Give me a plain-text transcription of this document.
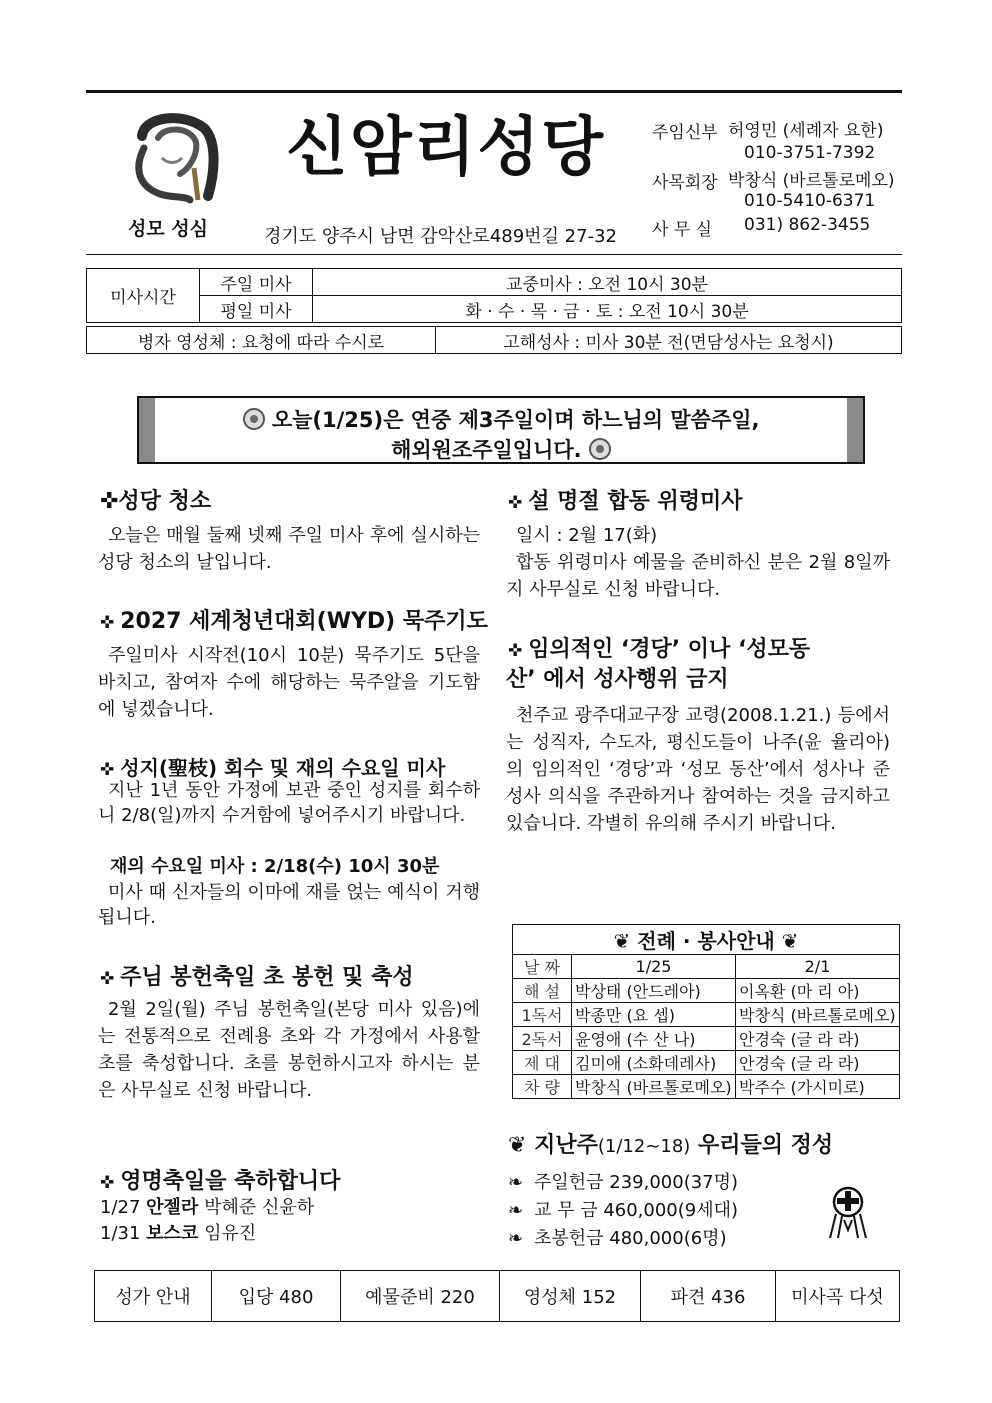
성모 성심
신암리성당
경기도 양주시 남면 감악산로489번길 27-32
주임신부 허영민 (세례자 요한)
010-3751-7392
사목회장 박창식 (바르톨로메오)
010-5410-6371
사 무 실 031) 862-3455
미사시간	주일 미사	교중미사 : 오전 10시 30분
	평일 미사	화 · 수 · 목 · 금 · 토 : 오전 10시 30분
병자 영성체 : 요청에 따라 수시로	고해성사 : 미사 30분 전(면담성사는 요청시)
오늘(1/25)은 연중 제3주일이며 하느님의 말씀주일,
해외원조주일입니다.
✜성당 청소
오늘은 매월 둘째 넷째 주일 미사 후에 실시하는 성당 청소의 날입니다.
✜ 2027 세계청년대회(WYD) 묵주기도
주일미사 시작전(10시 10분) 묵주기도 5단을 바치고, 참여자 수에 해당하는 묵주알을 기도함에 넣겠습니다.
✜ 성지(聖枝) 회수 및 재의 수요일 미사
지난 1년 동안 가정에 보관 중인 성지를 회수하니 2/8(일)까지 수거함에 넣어주시기 바랍니다.
재의 수요일 미사 : 2/18(수) 10시 30분
미사 때 신자들의 이마에 재를 얹는 예식이 거행됩니다.
✜ 주님 봉헌축일 초 봉헌 및 축성
2월 2일(월) 주님 봉헌축일(본당 미사 있음)에는 전통적으로 전례용 초와 각 가정에서 사용할 초를 축성합니다. 초를 봉헌하시고자 하시는 분은 사무실로 신청 바랍니다.
✜ 영명축일을 축하합니다
1/27 안젤라 박혜준 신윤하
1/31 보스코 임유진
✜ 설 명절 합동 위령미사
일시 : 2월 17(화)
합동 위령미사 예물을 준비하신 분은 2월 8일까지 사무실로 신청 바랍니다.
✜ 임의적인 ‘경당’ 이나 ‘성모동
산’ 에서 성사행위 금지
천주교 광주대교구장 교령(2008.1.21.) 등에서는 성직자, 수도자, 평신도들이 나주(윤 율리아)의 임의적인 ‘경당’과 ‘성모 동산’에서 성사나 준성사 의식을 주관하거나 참여하는 것을 금지하고 있습니다. 각별히 유의해 주시기 바랍니다.
❦ 전례 · 봉사안내 ❦		
날 짜	1/25	2/1
해 설	박상태 (안드레아)	이옥환 (마 리 아)
1독서	박종만 (요 셉)	박창식 (바르톨로메오)
2독서	윤영애 (수 산 나)	안경숙 (글 라 라)
제 대	김미애 (소화데레사)	안경숙 (글 라 라)
차 량	박창식 (바르톨로메오)	박주수 (가시미로)
❦ 지난주(1/12~18) 우리들의 정성
❧ 주일헌금 239,000(37명)
❧ 교 무 금 460,000(9세대)
❧ 초봉헌금 480,000(6명)
성가 안내	입당 480	예물준비 220	영성체 152	파견 436	미사곡 다섯
